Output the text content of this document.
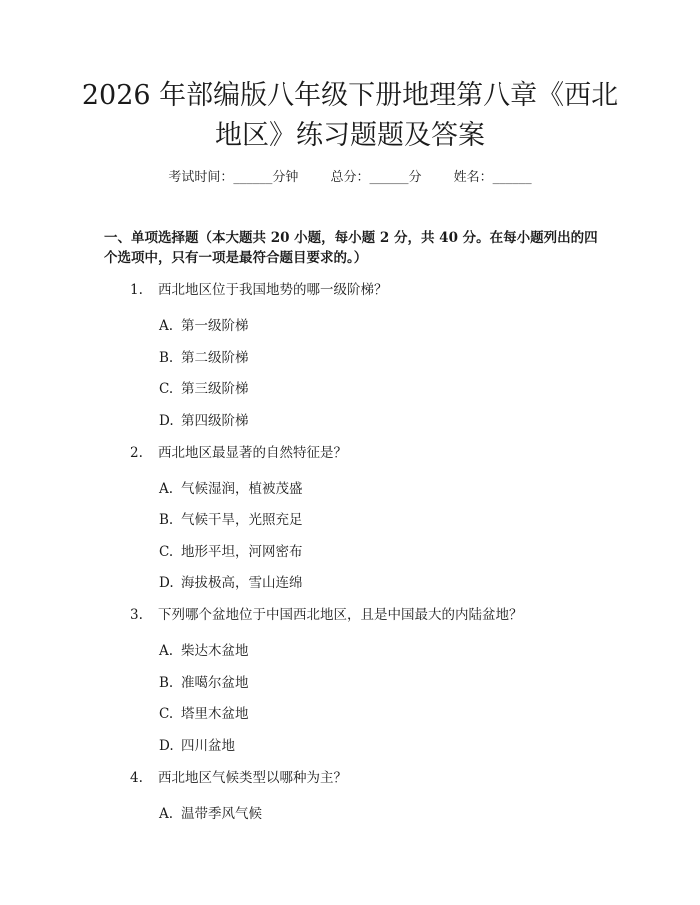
2026 年部编版八年级下册地理第八章《西北
地区》练习题题及答案
考试时间：______分钟 总分：______分 姓名：______

一、单项选择题（本大题共 20 小题，每小题 2 分，共 40 分。在每小题列出的四
个选项中，只有一项是最符合题目要求的。）

1. 西北地区位于我国地势的哪一级阶梯？
A. 第一级阶梯
B. 第二级阶梯
C. 第三级阶梯
D. 第四级阶梯
2. 西北地区最显著的自然特征是？
A. 气候湿润，植被茂盛
B. 气候干旱，光照充足
C. 地形平坦，河网密布
D. 海拔极高，雪山连绵
3. 下列哪个盆地位于中国西北地区，且是中国最大的内陆盆地？
A. 柴达木盆地
B. 准噶尔盆地
C. 塔里木盆地
D. 四川盆地
4. 西北地区气候类型以哪种为主？
A. 温带季风气候
